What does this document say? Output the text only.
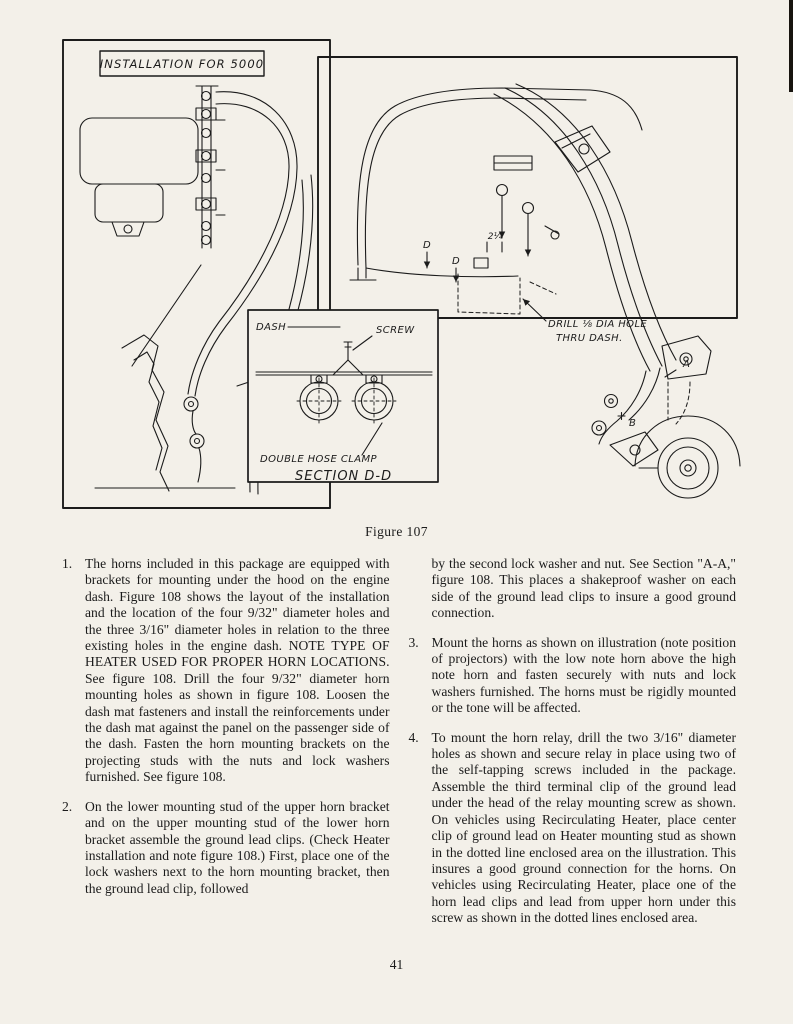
INSTALLATION FOR 5000
DASH	SCREW
DOUBLE HOSE CLAMP
SECTION D-D
DRILL ⅛ DIA HOLE
THRU DASH.
D
D
A
B
2¼
Figure 107
1. The horns included in this package are equipped with brackets for mounting under the hood on the engine dash. Figure 108 shows the layout of the installation and the location of the four 9/32" diameter holes and the three 3/16" diameter holes in relation to the three existing holes in the engine dash. NOTE TYPE OF HEATER USED FOR PROPER HORN LOCATIONS. See figure 108. Drill the four 9/32" diameter horn mounting holes as shown in figure 108. Loosen the dash mat fasteners and install the reinforcements under the dash mat against the panel on the passenger side of the dash. Fasten the horn mounting brackets on the projecting studs with the nuts and lock washers furnished. See figure 108.
2. On the lower mounting stud of the upper horn bracket and on the upper mounting stud of the lower horn bracket assemble the ground lead clips. (Check Heater installation and note figure 108.) First, place one of the lock washers next to the horn mounting bracket, then the ground lead clip, followed
by the second lock washer and nut. See Section "A-A," figure 108. This places a shakeproof washer on each side of the ground lead clips to insure a good ground connection.
3. Mount the horns as shown on illustration (note position of projectors) with the low note horn above the high note horn and fasten securely with nuts and lock washers furnished. The horns must be rigidly mounted or the tone will be affected.
4. To mount the horn relay, drill the two 3/16" diameter holes as shown and secure relay in place using two of the self-tapping screws included in the package. Assemble the third terminal clip of the ground lead under the head of the relay mounting screw as shown. On vehicles using Recirculating Heater, place center clip of ground lead on Heater mounting stud as shown in the dotted line enclosed area on the illustration. This insures a good ground connection for the horns. On vehicles using Recirculating Heater, place one of the horn lead clips and lead from upper horn under this screw as shown in the dotted lines enclosed area.
41
